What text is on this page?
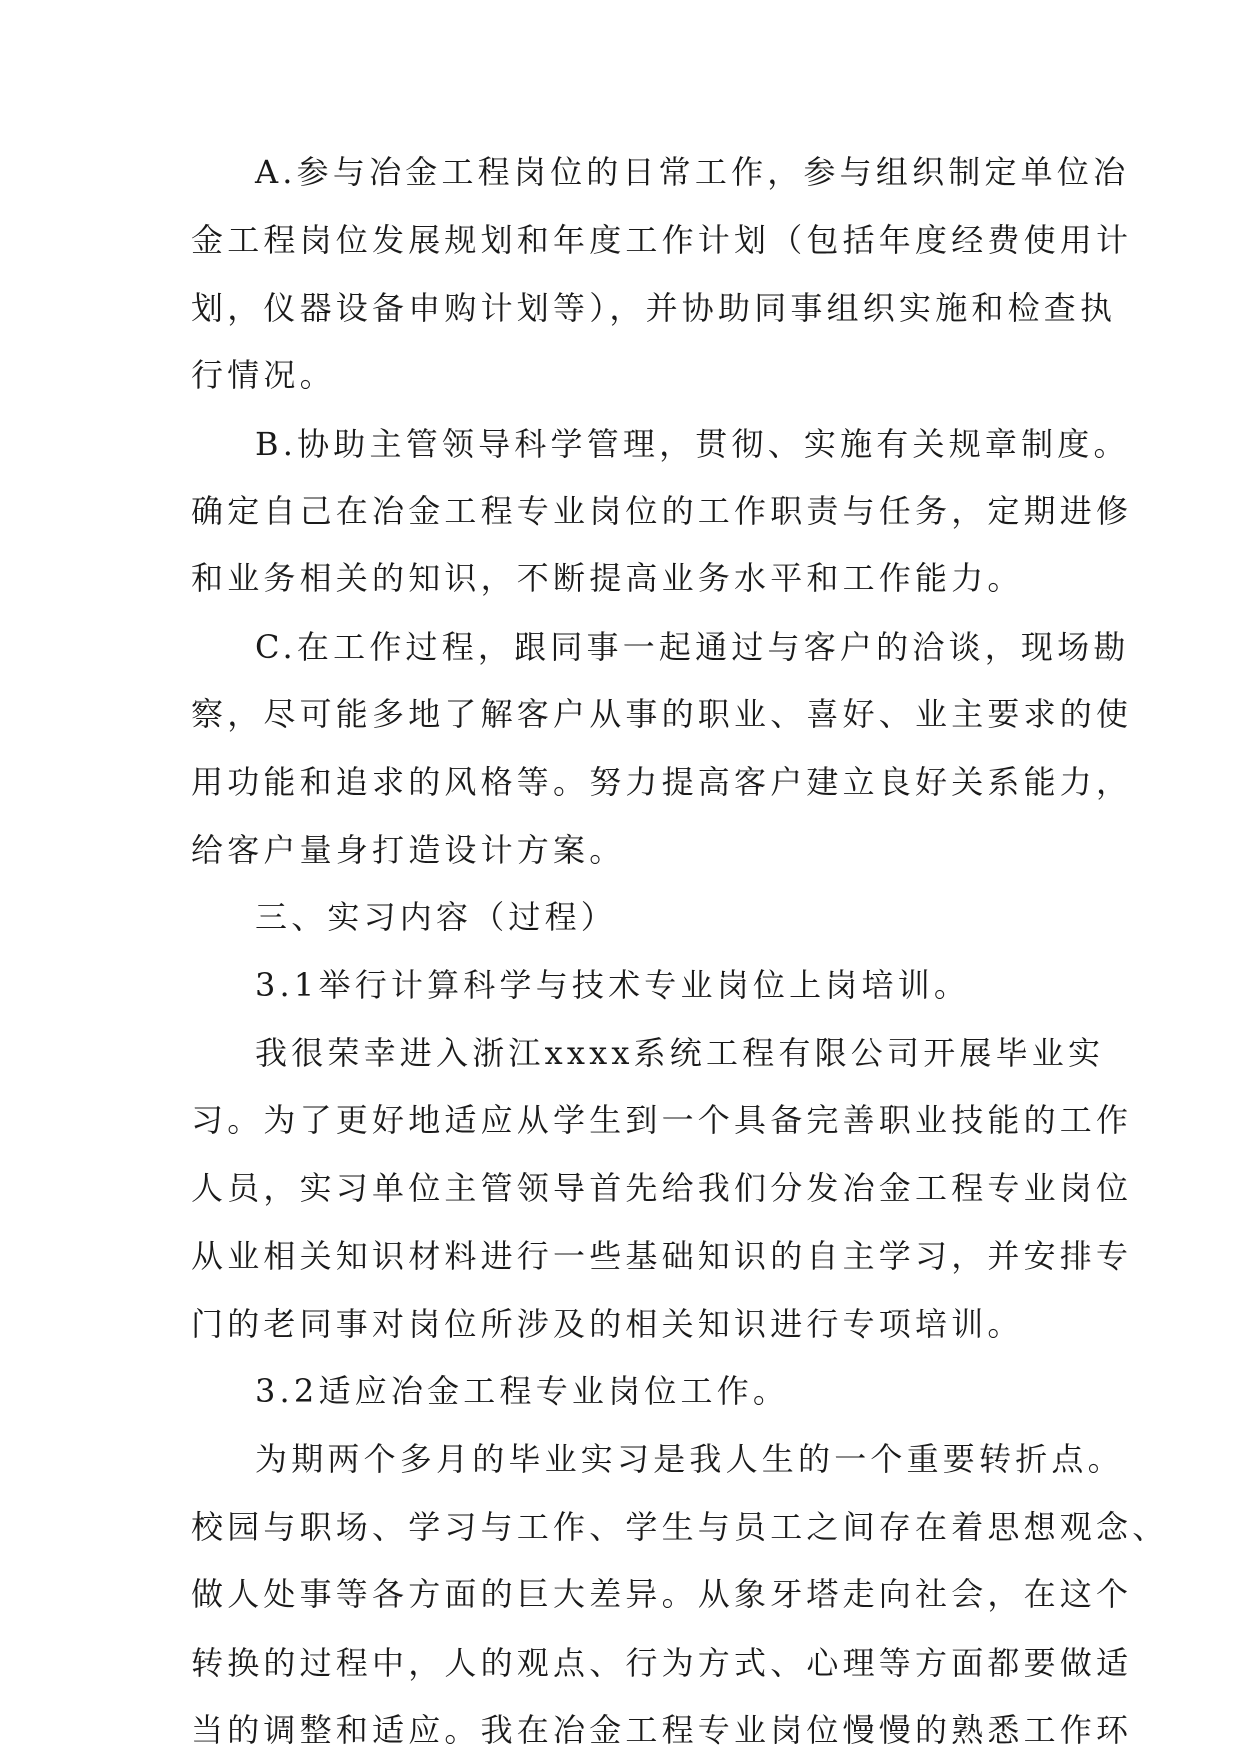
A.参与冶金工程岗位的日常工作，参与组织制定单位冶
金工程岗位发展规划和年度工作计划（包括年度经费使用计
划，仪器设备申购计划等），并协助同事组织实施和检查执
行情况。
B.协助主管领导科学管理，贯彻、实施有关规章制度。
确定自己在冶金工程专业岗位的工作职责与任务，定期进修
和业务相关的知识，不断提高业务水平和工作能力。
C.在工作过程，跟同事一起通过与客户的洽谈，现场勘
察，尽可能多地了解客户从事的职业、喜好、业主要求的使
用功能和追求的风格等。努力提高客户建立良好关系能力，
给客户量身打造设计方案。
三、实习内容（过程）
3.1举行计算科学与技术专业岗位上岗培训。
我很荣幸进入浙江xxxx系统工程有限公司开展毕业实
习。为了更好地适应从学生到一个具备完善职业技能的工作
人员，实习单位主管领导首先给我们分发冶金工程专业岗位
从业相关知识材料进行一些基础知识的自主学习，并安排专
门的老同事对岗位所涉及的相关知识进行专项培训。
3.2适应冶金工程专业岗位工作。
为期两个多月的毕业实习是我人生的一个重要转折点。
校园与职场、学习与工作、学生与员工之间存在着思想观念、
做人处事等各方面的巨大差异。从象牙塔走向社会，在这个
转换的过程中，人的观点、行为方式、心理等方面都要做适
当的调整和适应。我在冶金工程专业岗位慢慢的熟悉工作环
